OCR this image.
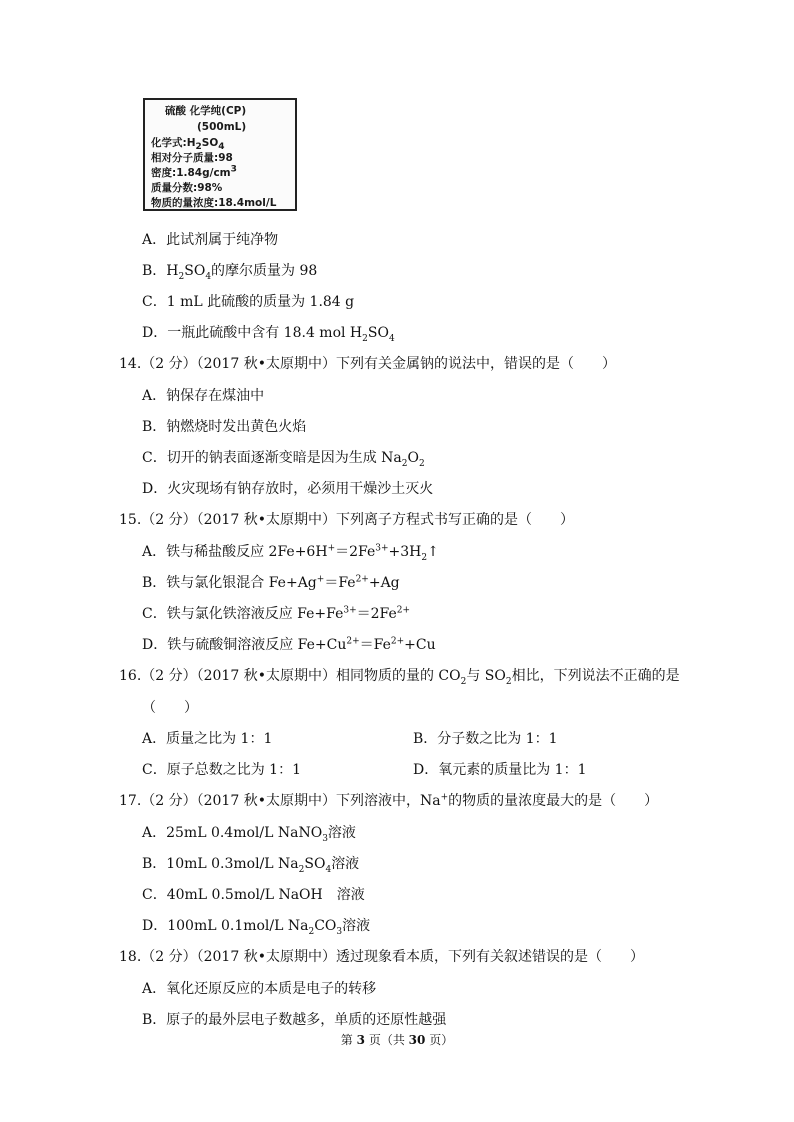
硫酸 化学纯(CP)
(500mL)
化学式$:H_2SO_4$
相对分子质量:98
密度$:1.84g/cm^3$
质量分数:98%
物质的量浓度:18.4mol/L
A．此试剂属于纯净物
B．$H_2SO_4$的摩尔质量为 98
C．1 mL 此硫酸的质量为 1.84 g
D．一瓶此硫酸中含有 18.4 mol $H_2SO_4$
14.（2 分）（2017 秋•太原期中）下列有关金属钠的说法中，错误的是（　　）
A．钠保存在煤油中
B．钠燃烧时发出黄色火焰
C．切开的钠表面逐渐变暗是因为生成 $Na_2O_2$
D．火灾现场有钠存放时，必须用干燥沙土灭火
15.（2 分）（2017 秋•太原期中）下列离子方程式书写正确的是（　　）
A．铁与稀盐酸反应 $2Fe+6H^+=2Fe^{3+}+3H_2↑$
B．铁与氯化银混合 $Fe+Ag^+=Fe^{2+}+Ag$
C．铁与氯化铁溶液反应 $Fe+Fe^{3+}=2Fe^{2+}$
D．铁与硫酸铜溶液反应 $Fe+Cu^{2+}=Fe^{2+}+Cu$
16.（2 分）（2017 秋•太原期中）相同物质的量的 $CO_2$与 $SO_2$相比，下列说法不正确的是
（　　）
A．质量之比为 1：1	B．分子数之比为 1：1
C．原子总数之比为 1：1	D．氧元素的质量比为 1：1
17.（2 分）（2017 秋•太原期中）下列溶液中，Na+的物质的量浓度最大的是（　　）
A．25mL 0.4mol/L NaNO$_3$溶液
B．10mL 0.3mol/L $Na_2SO_4$溶液
C．40mL 0.5mol/L NaOH　溶液
D．100mL 0.1mol/L $Na_2CO_3$溶液
18.（2 分）（2017 秋•太原期中）透过现象看本质，下列有关叙述错误的是（　　）
A．氧化还原反应的本质是电子的转移
B．原子的最外层电子数越多，单质的还原性越强
第 3 页（共 30 页）
